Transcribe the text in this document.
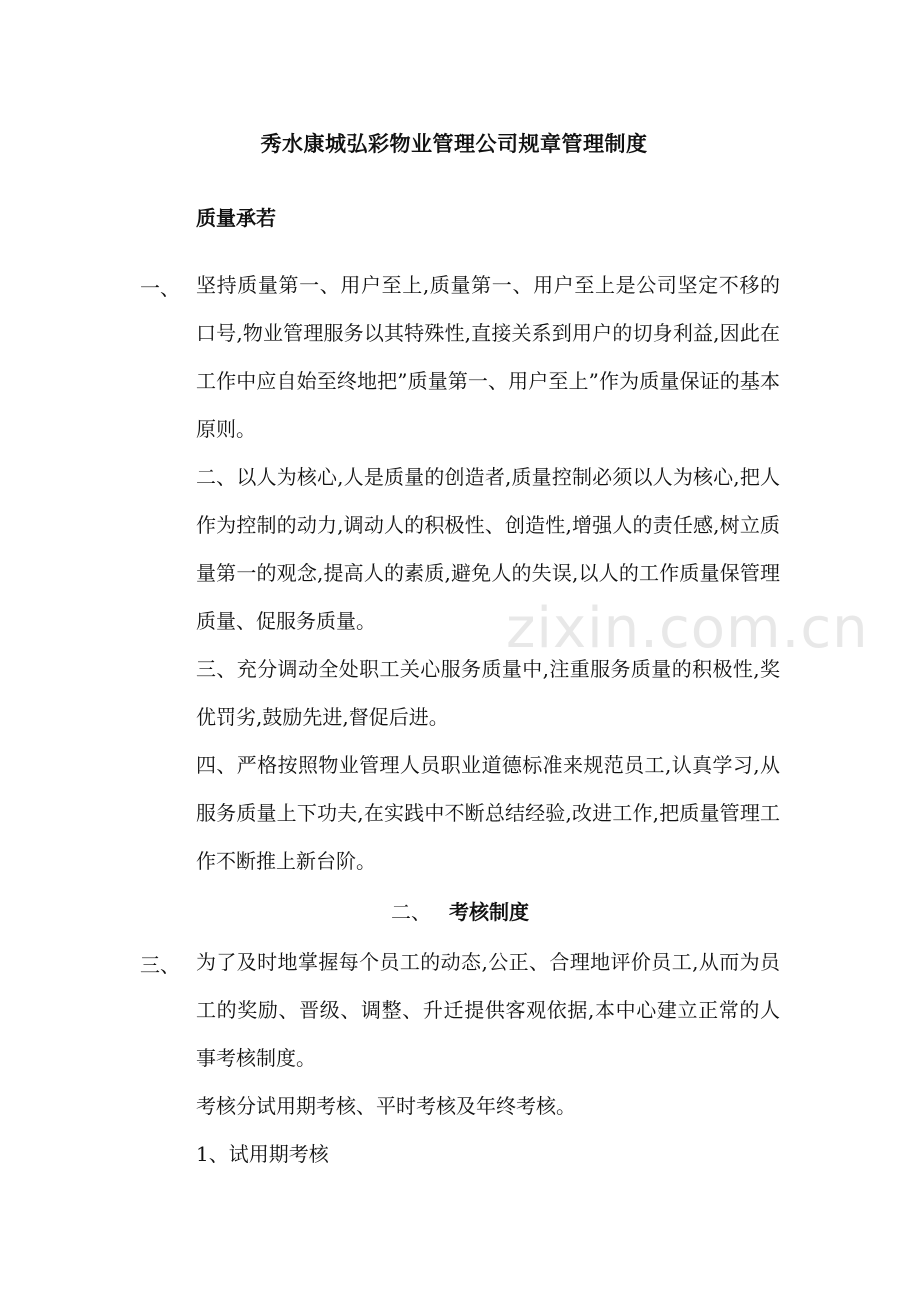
秀水康城弘彩物业管理公司规章管理制度
质量承若
一、 坚持质量第一、用户至上,质量第一、用户至上是公司坚定不移的口号,物业管理服务以其特殊性,直接关系到用户的切身利益,因此在工作中应自始至终地把”质量第一、用户至上”作为质量保证的基本原则。
二、以人为核心,人是质量的创造者,质量控制必须以人为核心,把人作为控制的动力,调动人的积极性、创造性,增强人的责任感,树立质量第一的观念,提高人的素质,避免人的失误,以人的工作质量保管理质量、促服务质量。
三、充分调动全处职工关心服务质量中,注重服务质量的积极性,奖优罚劣,鼓励先进,督促后进。
四、严格按照物业管理人员职业道德标准来规范员工,认真学习,从服务质量上下功夫,在实践中不断总结经验,改进工作,把质量管理工作不断推上新台阶。
二、 考核制度
三、 为了及时地掌握每个员工的动态,公正、合理地评价员工,从而为员工的奖励、晋级、调整、升迁提供客观依据,本中心建立正常的人事考核制度。
考核分试用期考核、平时考核及年终考核。
1、试用期考核
zixin.com.cn
